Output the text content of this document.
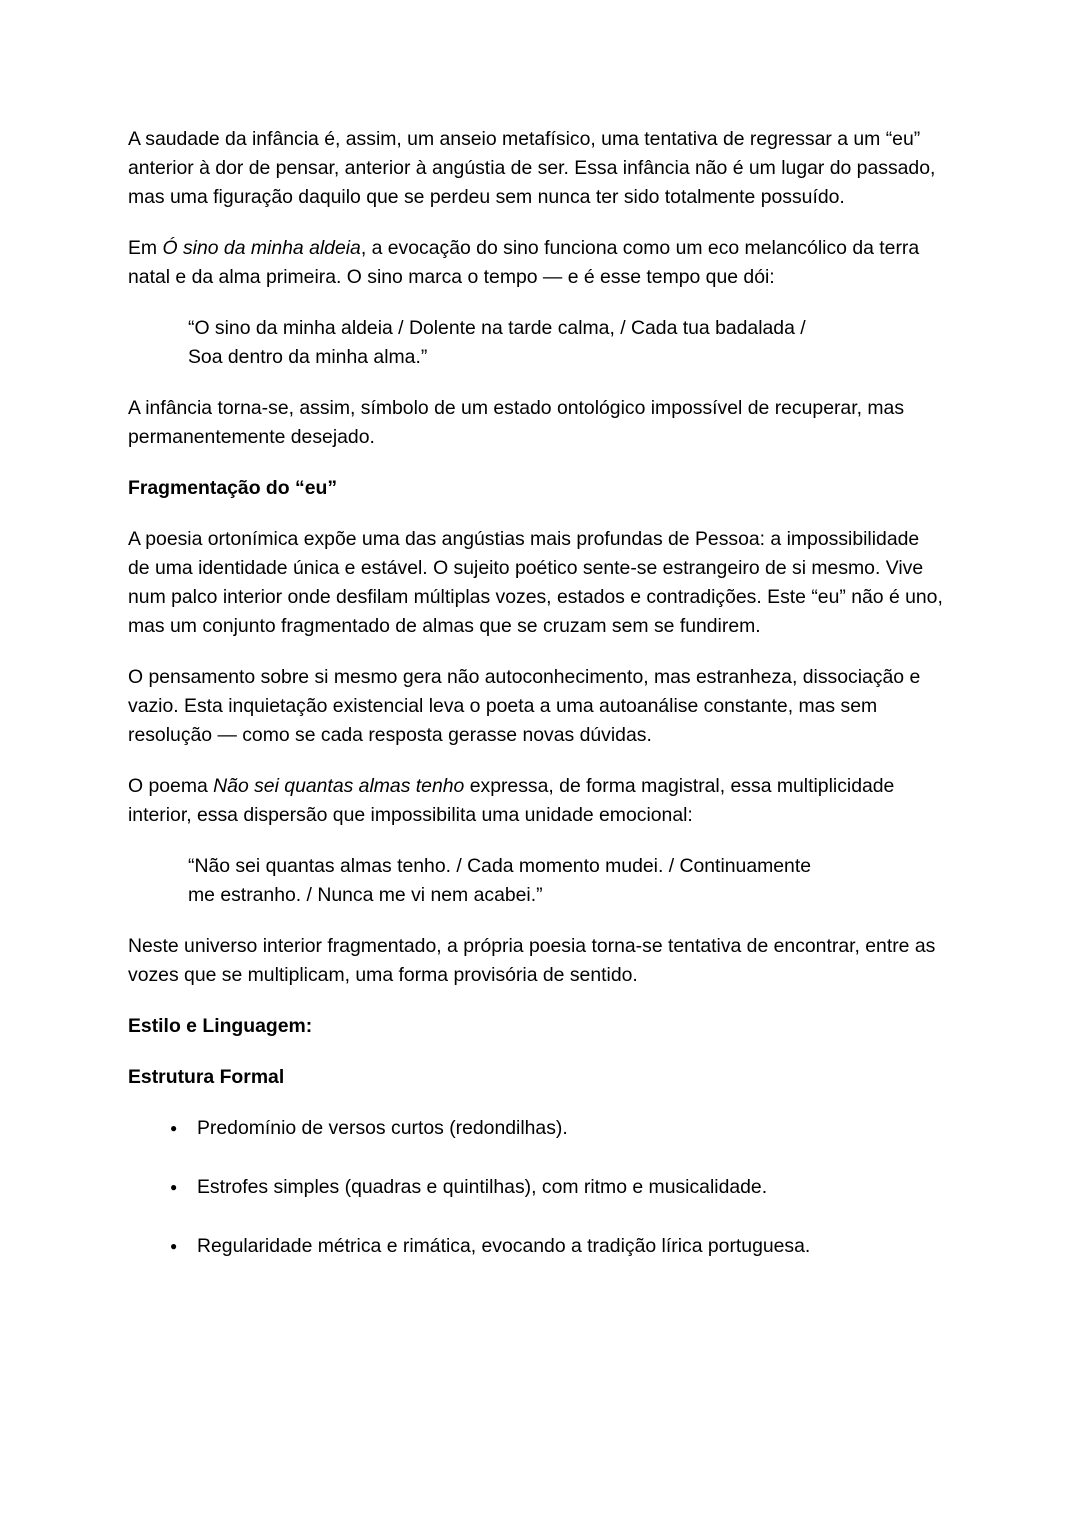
A saudade da infância é, assim, um anseio metafísico, uma tentativa de regressar a um “eu” anterior à dor de pensar, anterior à angústia de ser. Essa infância não é um lugar do passado, mas uma figuração daquilo que se perdeu sem nunca ter sido totalmente possuído.

Em Ó sino da minha aldeia, a evocação do sino funciona como um eco melancólico da terra natal e da alma primeira. O sino marca o tempo — e é esse tempo que dói:

“O sino da minha aldeia / Dolente na tarde calma, / Cada tua badalada /
Soa dentro da minha alma.”

A infância torna-se, assim, símbolo de um estado ontológico impossível de recuperar, mas permanentemente desejado.

Fragmentação do “eu”

A poesia ortonímica expõe uma das angústias mais profundas de Pessoa: a impossibilidade de uma identidade única e estável. O sujeito poético sente-se estrangeiro de si mesmo. Vive num palco interior onde desfilam múltiplas vozes, estados e contradições. Este “eu” não é uno, mas um conjunto fragmentado de almas que se cruzam sem se fundirem.

O pensamento sobre si mesmo gera não autoconhecimento, mas estranheza, dissociação e vazio. Esta inquietação existencial leva o poeta a uma autoanálise constante, mas sem resolução — como se cada resposta gerasse novas dúvidas.

O poema Não sei quantas almas tenho expressa, de forma magistral, essa multiplicidade interior, essa dispersão que impossibilita uma unidade emocional:

“Não sei quantas almas tenho. / Cada momento mudei. / Continuamente
me estranho. / Nunca me vi nem acabei.”

Neste universo interior fragmentado, a própria poesia torna-se tentativa de encontrar, entre as vozes que se multiplicam, uma forma provisória de sentido.

Estilo e Linguagem:
Estrutura Formal
● Predomínio de versos curtos (redondilhas).
● Estrofes simples (quadras e quintilhas), com ritmo e musicalidade.
● Regularidade métrica e rimática, evocando a tradição lírica portuguesa.
